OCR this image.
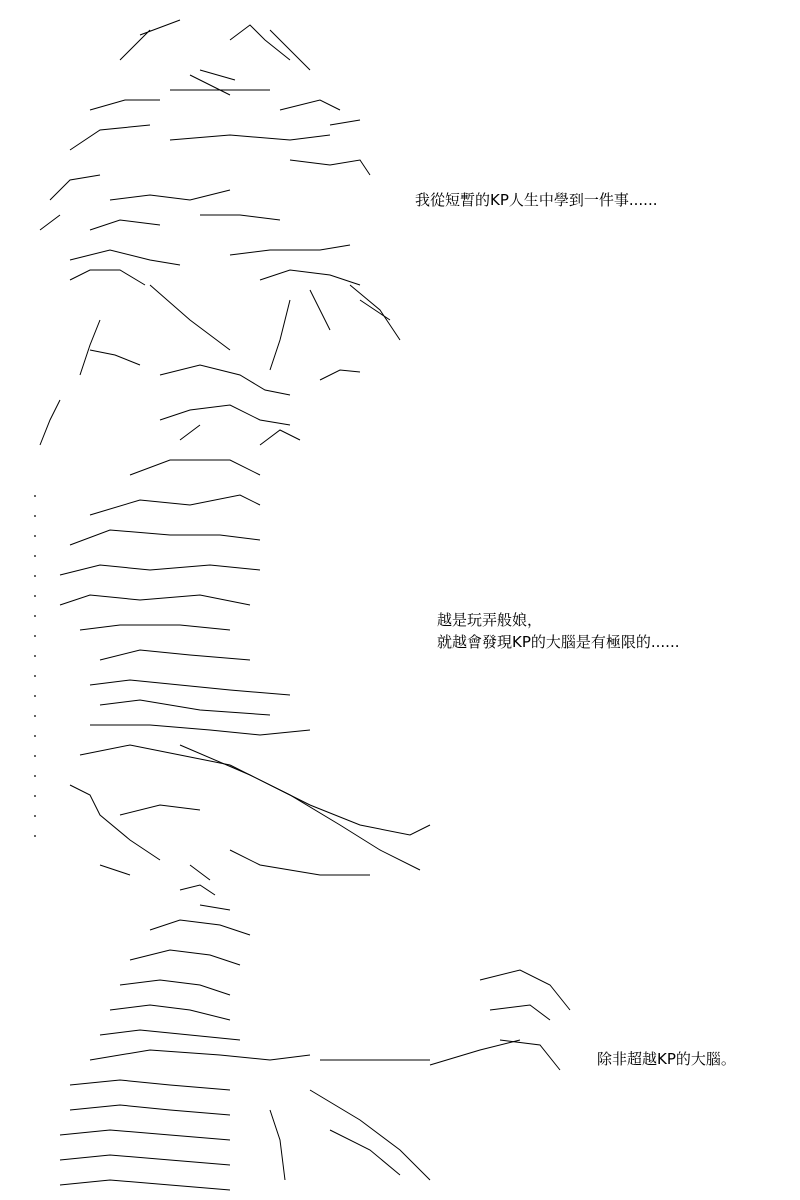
我從短暫的KP人生中學到一件事......
越是玩弄般娘，
就越會發現KP的大腦是有極限的......
除非超越KP的大腦。
